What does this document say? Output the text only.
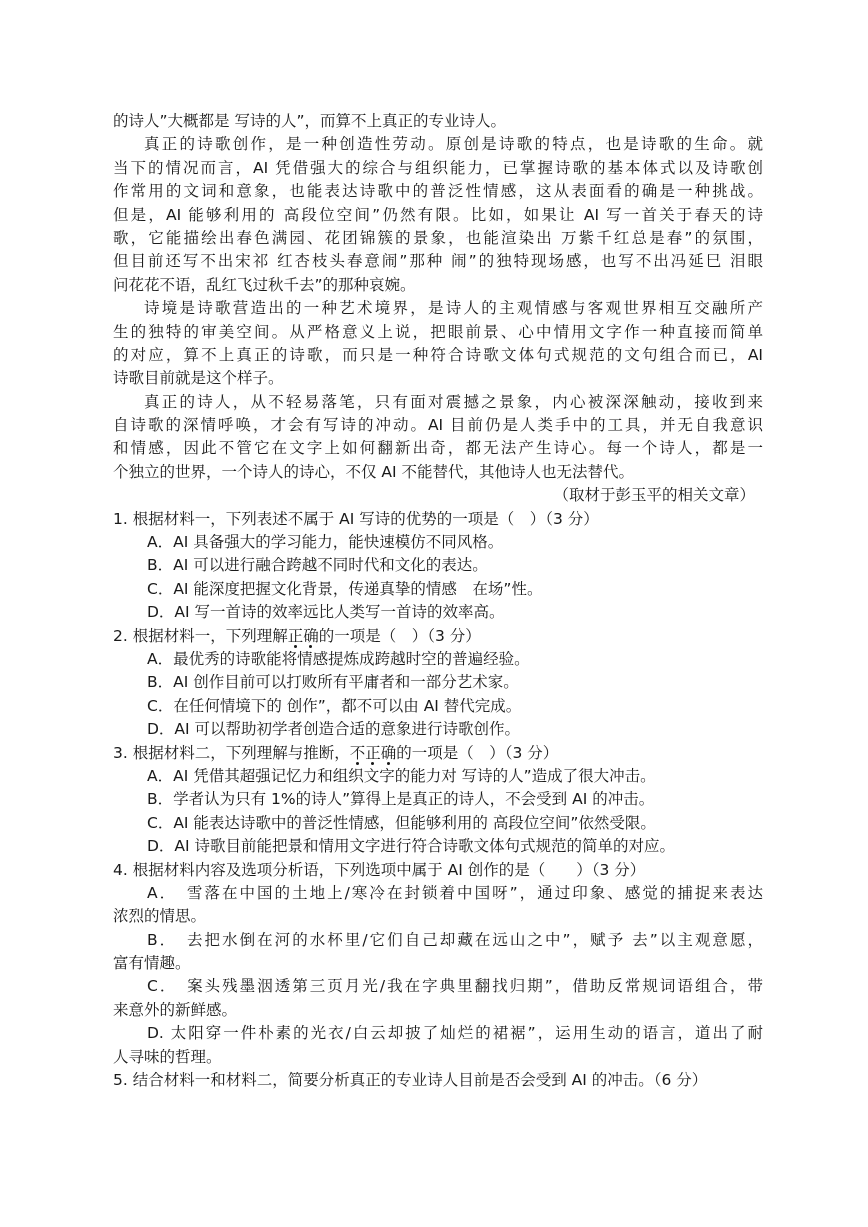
的诗人”大概都是 写诗的人”，而算不上真正的专业诗人。
真正的诗歌创作，是一种创造性劳动。原创是诗歌的特点，也是诗歌的生命。就
当下的情况而言，AI 凭借强大的综合与组织能力，已掌握诗歌的基本体式以及诗歌创
作常用的文词和意象，也能表达诗歌中的普泛性情感，这从表面看的确是一种挑战。
但是，AI 能够利用的 高段位空间”仍然有限。比如，如果让 AI 写一首关于春天的诗
歌，它能描绘出春色满园、花团锦簇的景象，也能渲染出 万紫千红总是春”的氛围，
但目前还写不出宋祁 红杏枝头春意闹”那种 闹”的独特现场感，也写不出冯延巳 泪眼
问花花不语，乱红飞过秋千去”的那种哀婉。
诗境是诗歌营造出的一种艺术境界，是诗人的主观情感与客观世界相互交融所产
生的独特的审美空间。从严格意义上说，把眼前景、心中情用文字作一种直接而简单
的对应，算不上真正的诗歌，而只是一种符合诗歌文体句式规范的文句组合而已，AI
诗歌目前就是这个样子。
真正的诗人，从不轻易落笔，只有面对震撼之景象，内心被深深触动，接收到来
自诗歌的深情呼唤，才会有写诗的冲动。AI 目前仍是人类手中的工具，并无自我意识
和情感，因此不管它在文字上如何翻新出奇，都无法产生诗心。每一个诗人，都是一
个独立的世界，一个诗人的诗心，不仅 AI 不能替代，其他诗人也无法替代。
（取材于彭玉平的相关文章）
1. 根据材料一，下列表述不属于 AI 写诗的优势的一项是（　）（3 分）
A．AI 具备强大的学习能力，能快速模仿不同风格。
B．AI 可以进行融合跨越不同时代和文化的表达。
C．AI 能深度把握文化背景，传递真挚的情感　在场”性。
D．AI 写一首诗的效率远比人类写一首诗的效率高。
2. 根据材料一，下列理解正确的一项是（　）（3 分）
A．最优秀的诗歌能将情感提炼成跨越时空的普遍经验。
B．AI 创作目前可以打败所有平庸者和一部分艺术家。
C．在任何情境下的 创作”，都不可以由 AI 替代完成。
D．AI 可以帮助初学者创造合适的意象进行诗歌创作。
3. 根据材料二，下列理解与推断，不正确的一项是（　）（3 分）
A．AI 凭借其超强记忆力和组织文字的能力对 写诗的人”造成了很大冲击。
B．学者认为只有 1%的诗人”算得上是真正的诗人，不会受到 AI 的冲击。
C．AI 能表达诗歌中的普泛性情感，但能够利用的 高段位空间”依然受限。
D．AI 诗歌目前能把景和情用文字进行符合诗歌文体句式规范的简单的对应。
4. 根据材料内容及选项分析语，下列选项中属于 AI 创作的是（　　）（3 分）
A．　雪落在中国的土地上/寒冷在封锁着中国呀”，通过印象、感觉的捕捉来表达
浓烈的情思。
B．　去把水倒在河的水杯里/它们自己却藏在远山之中”，赋予 去”以主观意愿，
富有情趣。
C．　案头残墨洇透第三页月光/我在字典里翻找归期”，借助反常规词语组合，带
来意外的新鲜感。
D. 太阳穿一件朴素的光衣/白云却披了灿烂的裙裾”，运用生动的语言，道出了耐
人寻味的哲理。
5. 结合材料一和材料二，简要分析真正的专业诗人目前是否会受到 AI 的冲击。（6 分）
